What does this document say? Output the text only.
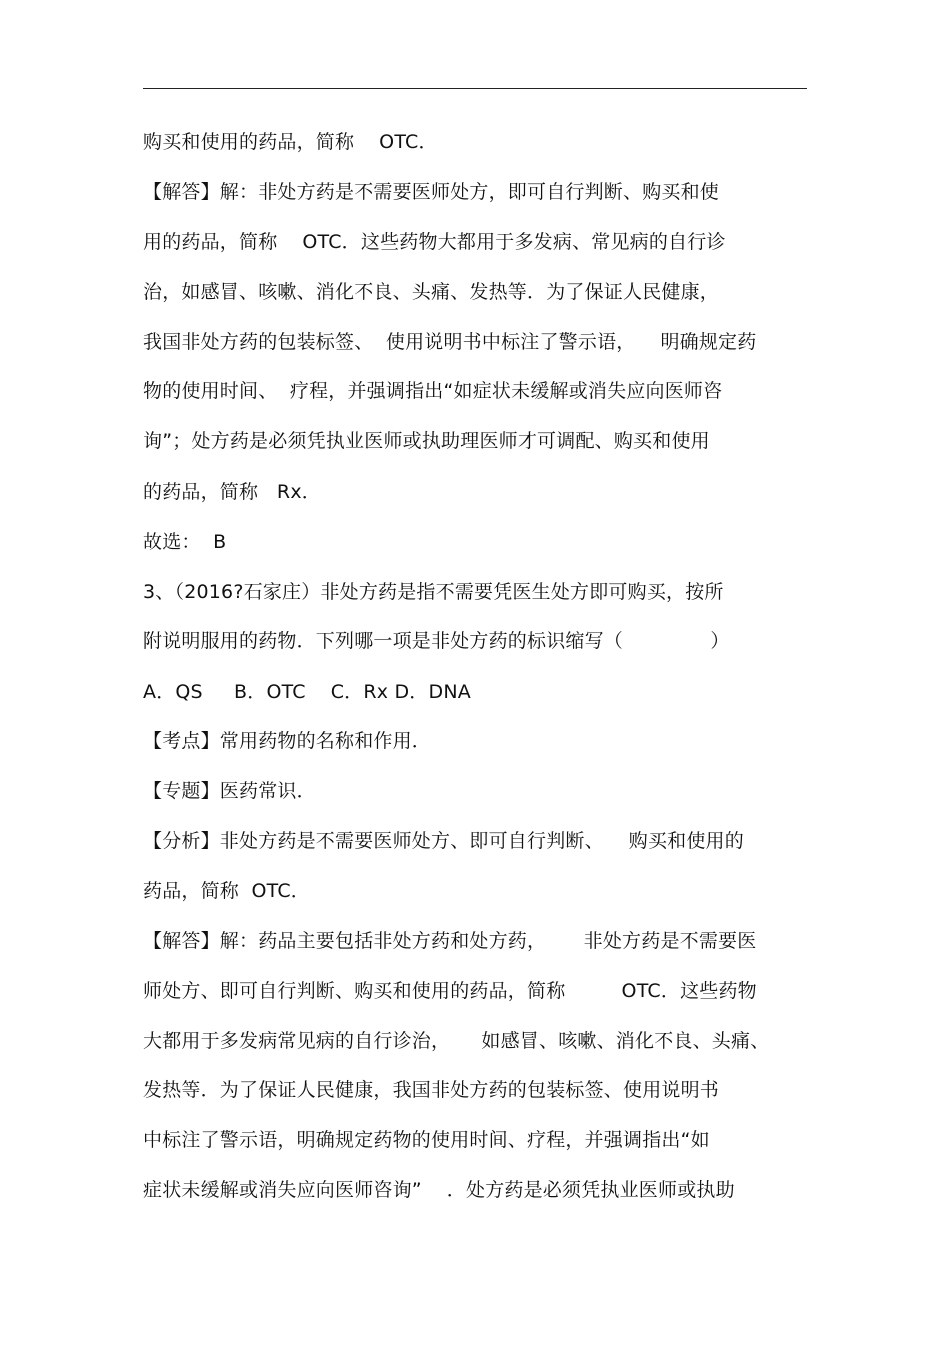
购买和使用的药品，简称    OTC．
【解答】解：非处方药是不需要医师处方，即可自行判断、购买和使
用的药品，简称    OTC．这些药物大都用于多发病、常见病的自行诊
治，如感冒、咳嗽、消化不良、头痛、发热等．为了保证人民健康，
我国非处方药的包装标签、  使用说明书中标注了警示语，    明确规定药
物的使用时间、  疗程，并强调指出“如症状未缓解或消失应向医师咨
询”；处方药是必须凭执业医师或执助理医师才可调配、购买和使用
的药品，简称   Rx．
故选：  B
3、（2016?石家庄）非处方药是指不需要凭医生处方即可购买，按所
附说明服用的药物．下列哪一项是非处方药的标识缩写（              ）
A．QS     B．OTC    C．Rx D．DNA
【考点】常用药物的名称和作用．
【专题】医药常识．
【分析】非处方药是不需要医师处方、即可自行判断、    购买和使用的
药品，简称  OTC．
【解答】解：药品主要包括非处方药和处方药，      非处方药是不需要医
师处方、即可自行判断、购买和使用的药品，简称         OTC．这些药物
大都用于多发病常见病的自行诊治，     如感冒、咳嗽、消化不良、头痛、
发热等．为了保证人民健康，我国非处方药的包装标签、使用说明书
中标注了警示语，明确规定药物的使用时间、疗程，并强调指出“如
症状未缓解或消失应向医师咨询”    ．处方药是必须凭执业医师或执助
